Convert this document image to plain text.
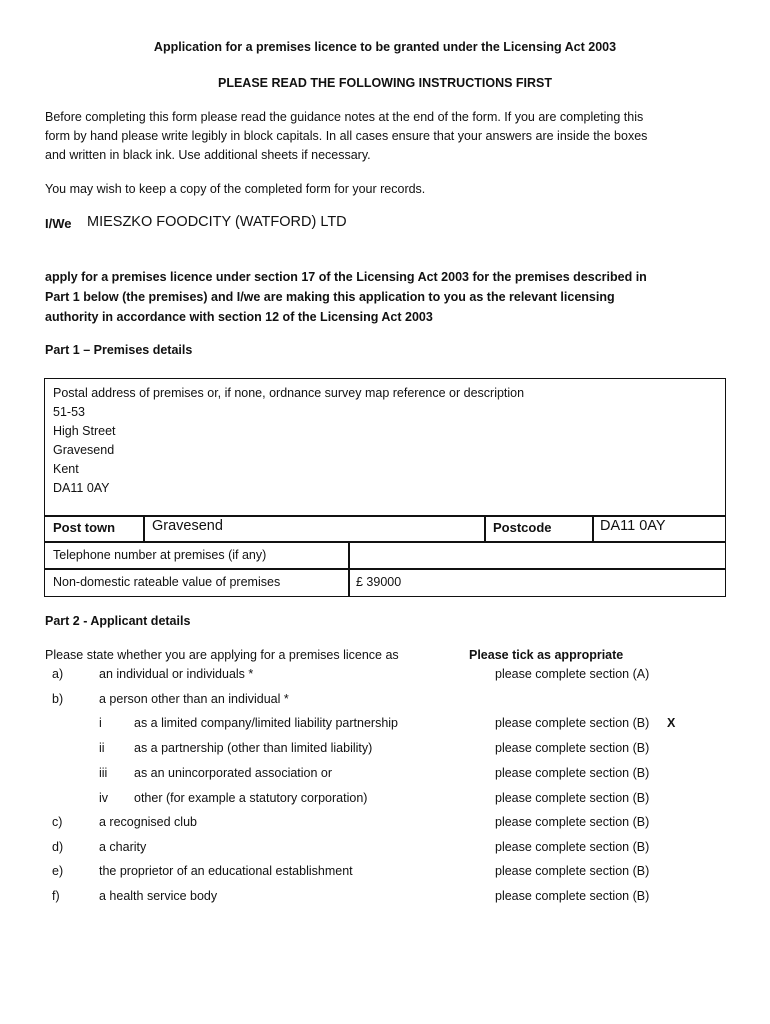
Application for a premises licence to be granted under the Licensing Act 2003
PLEASE READ THE FOLLOWING INSTRUCTIONS FIRST
Before completing this form please read the guidance notes at the end of the form. If you are completing this
form by hand please write legibly in block capitals. In all cases ensure that your answers are inside the boxes
and written in black ink. Use additional sheets if necessary.
You may wish to keep a copy of the completed form for your records.
I/We MIESZKO FOODCITY (WATFORD) LTD
apply for a premises licence under section 17 of the Licensing Act 2003 for the premises described in
Part 1 below (the premises) and I/we are making this application to you as the relevant licensing
authority in accordance with section 12 of the Licensing Act 2003
Part 1 – Premises details
Postal address of premises or, if none, ordnance survey map reference or description
51-53
High Street
Gravesend
Kent
DA11 0AY
Post town	Gravesend	Postcode	DA11 0AY
Telephone number at premises (if any)
Non-domestic rateable value of premises	£ 39000
Part 2 - Applicant details
Please state whether you are applying for a premises licence as	Please tick as appropriate
a)	an individual or individuals *	please complete section (A)
b)	a person other than an individual *
i	as a limited company/limited liability partnership	please complete section (B) X
ii as a partnership (other than limited liability)	please complete section (B)
iii as an unincorporated association or	please complete section (B)
iv other (for example a statutory corporation)	please complete section (B)
c)	a recognised club	please complete section (B)
d)	a charity	please complete section (B)
e)	the proprietor of an educational establishment	please complete section (B)
f)	a health service body	please complete section (B)
